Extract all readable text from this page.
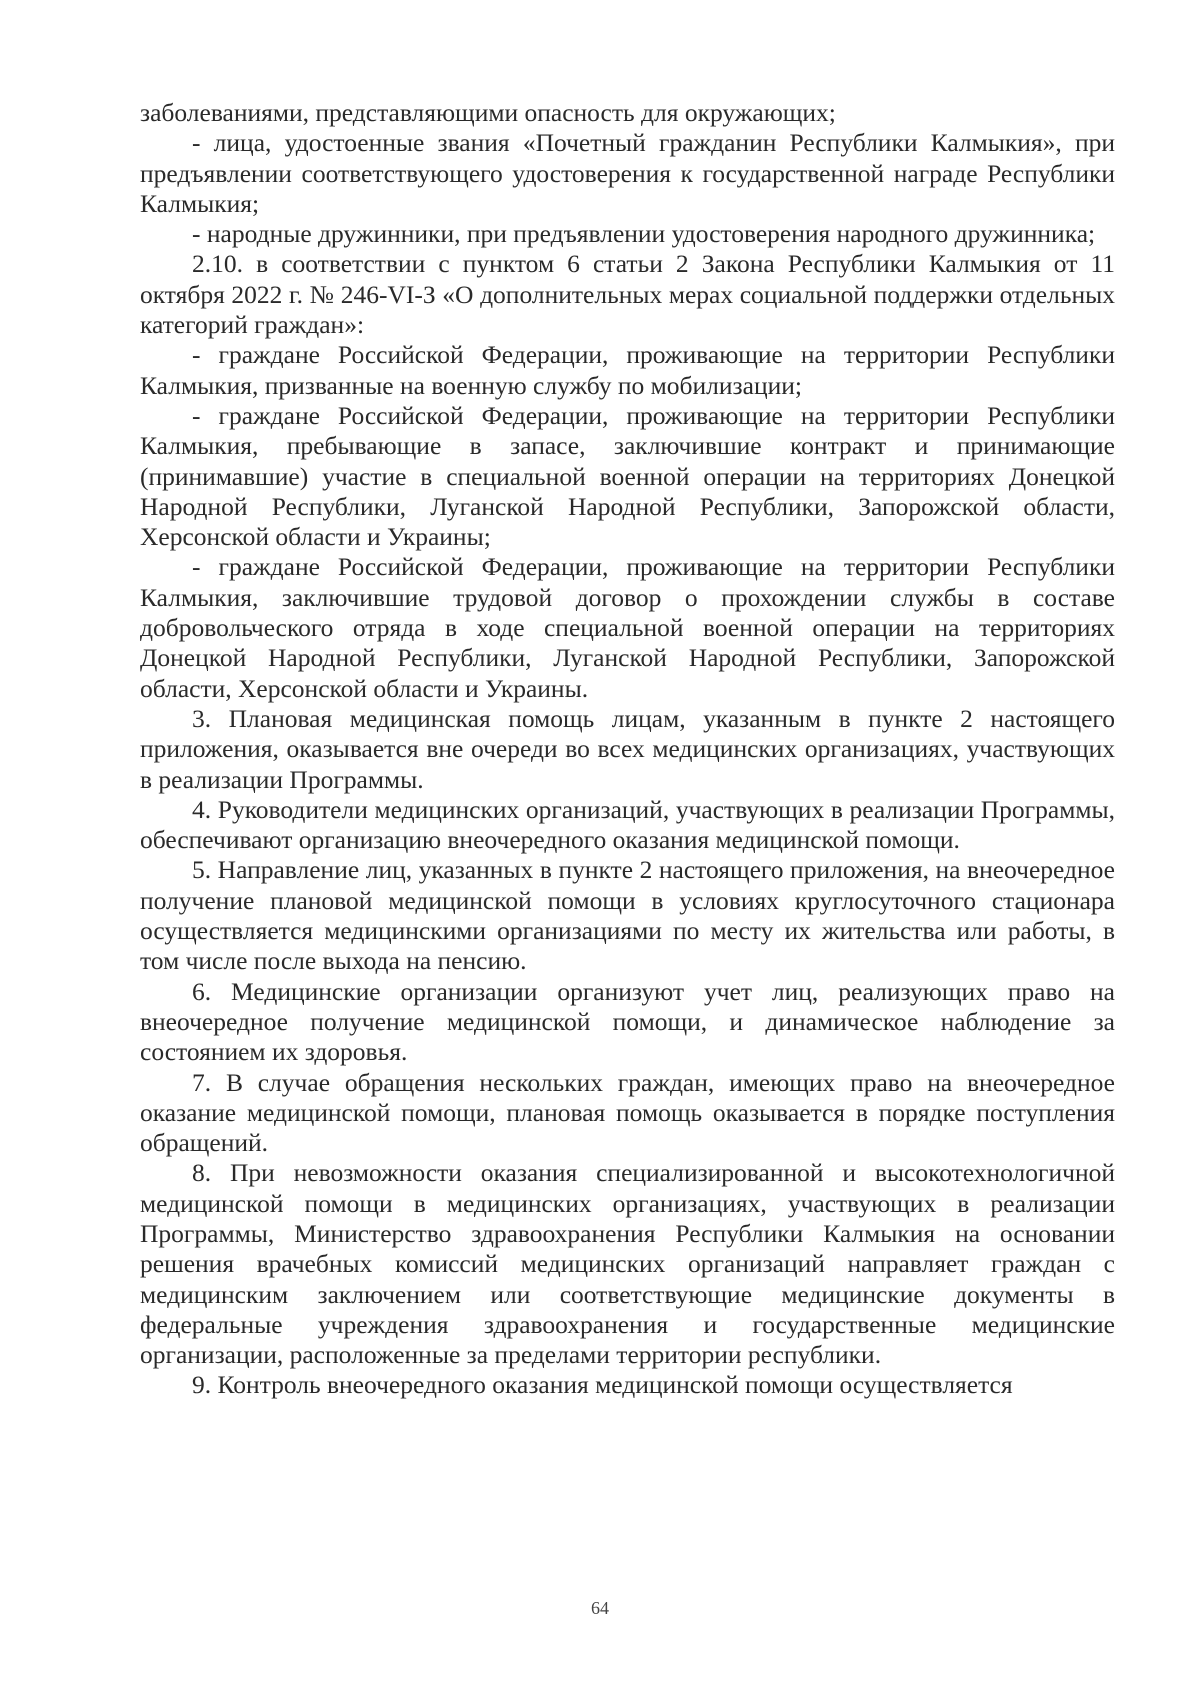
заболеваниями, представляющими опасность для окружающих;

- лица, удостоенные звания «Почетный гражданин Республики Калмыкия», при предъявлении соответствующего удостоверения к государственной награде Республики Калмыкия;

- народные дружинники, при предъявлении удостоверения народного дружинника;

2.10. в соответствии с пунктом 6 статьи 2 Закона Республики Калмыкия от 11 октября 2022 г. № 246-VI-З «О дополнительных мерах социальной поддержки отдельных категорий граждан»:

- граждане Российской Федерации, проживающие на территории Республики Калмыкия, призванные на военную службу по мобилизации;

- граждане Российской Федерации, проживающие на территории Республики Калмыкия, пребывающие в запасе, заключившие контракт и принимающие (принимавшие) участие в специальной военной операции на территориях Донецкой Народной Республики, Луганской Народной Республики, Запорожской области, Херсонской области и Украины;

- граждане Российской Федерации, проживающие на территории Республики Калмыкия, заключившие трудовой договор о прохождении службы в составе добровольческого отряда в ходе специальной военной операции на территориях Донецкой Народной Республики, Луганской Народной Республики, Запорожской области, Херсонской области и Украины.

3. Плановая медицинская помощь лицам, указанным в пункте 2 настоящего приложения, оказывается вне очереди во всех медицинских организациях, участвующих в реализации Программы.

4. Руководители медицинских организаций, участвующих в реализации Программы, обеспечивают организацию внеочередного оказания медицинской помощи.

5. Направление лиц, указанных в пункте 2 настоящего приложения, на внеочередное получение плановой медицинской помощи в условиях круглосуточного стационара осуществляется медицинскими организациями по месту их жительства или работы, в том числе после выхода на пенсию.

6. Медицинские организации организуют учет лиц, реализующих право на внеочередное получение медицинской помощи, и динамическое наблюдение за состоянием их здоровья.

7. В случае обращения нескольких граждан, имеющих право на внеочередное оказание медицинской помощи, плановая помощь оказывается в порядке поступления обращений.

8. При невозможности оказания специализированной и высокотехнологичной медицинской помощи в медицинских организациях, участвующих в реализации Программы, Министерство здравоохранения Республики Калмыкия на основании решения врачебных комиссий медицинских организаций направляет граждан с медицинским заключением или соответствующие медицинские документы в федеральные учреждения здравоохранения и государственные медицинские организации, расположенные за пределами территории республики.

9. Контроль внеочередного оказания медицинской помощи осуществляется

64
